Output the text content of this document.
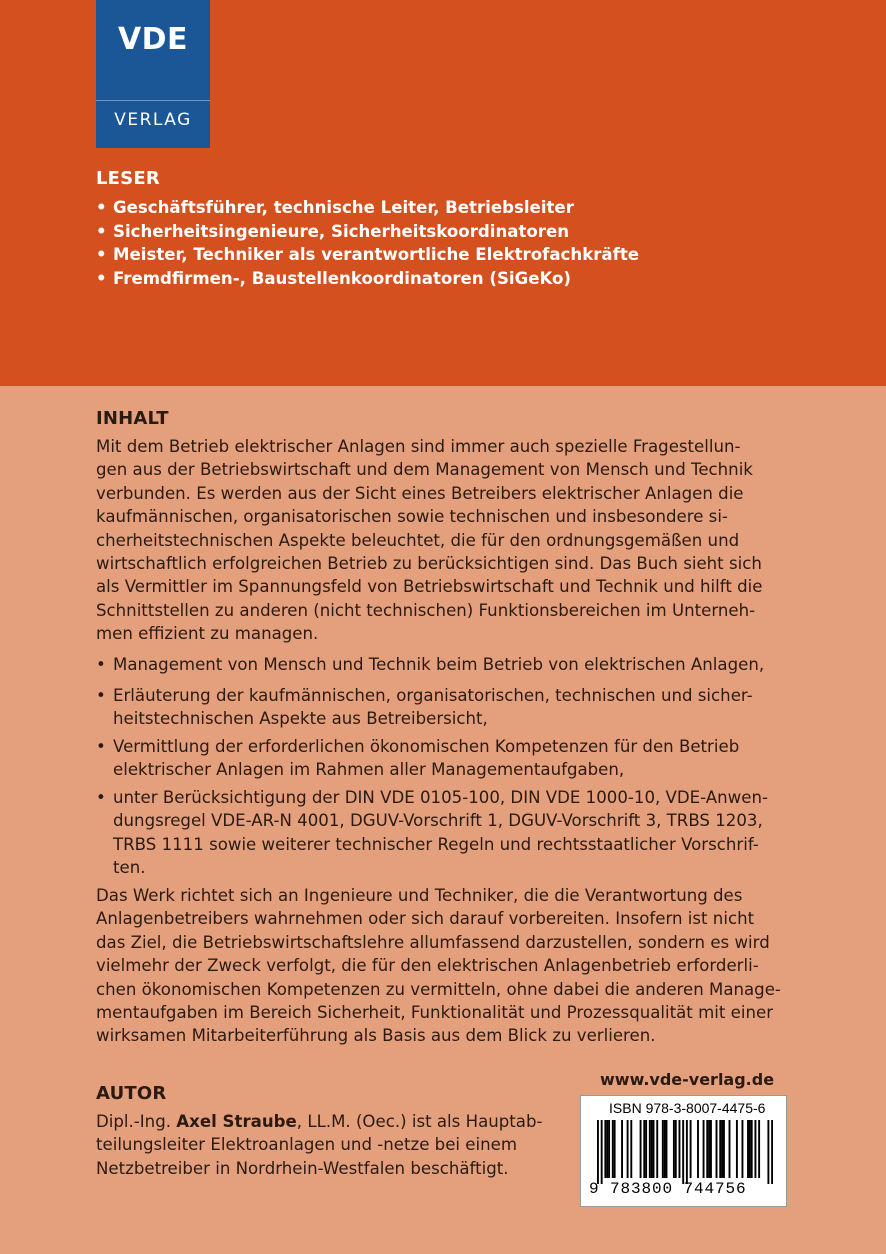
VDE
VERLAG
LESER
• Geschäftsführer, technische Leiter, Betriebsleiter
• Sicherheitsingenieure, Sicherheitskoordinatoren
• Meister, Techniker als verantwortliche Elektrofachkräfte
• Fremdfirmen-, Baustellenkoordinatoren (SiGeKo)
INHALT

Mit dem Betrieb elektrischer Anlagen sind immer auch spezielle Fragestellun-
gen aus der Betriebswirtschaft und dem Management von Mensch und Technik
verbunden. Es werden aus der Sicht eines Betreibers elektrischer Anlagen die
kaufmännischen, organisatorischen sowie technischen und insbesondere si-
cherheitstechnischen Aspekte beleuchtet, die für den ordnungsgemäßen und
wirtschaftlich erfolgreichen Betrieb zu berücksichtigen sind. Das Buch sieht sich
als Vermittler im Spannungsfeld von Betriebswirtschaft und Technik und hilft die
Schnittstellen zu anderen (nicht technischen) Funktionsbereichen im Unterneh-
men effizient zu managen.

• Management von Mensch und Technik beim Betrieb von elektrischen Anlagen,
• Erläuterung der kaufmännischen, organisatorischen, technischen und sicher-
heitstechnischen Aspekte aus Betreibersicht,
• Vermittlung der erforderlichen ökonomischen Kompetenzen für den Betrieb
elektrischer Anlagen im Rahmen aller Managementaufgaben,
• unter Berücksichtigung der DIN VDE 0105-100, DIN VDE 1000-10, VDE-Anwen-
dungsregel VDE-AR-N 4001, DGUV-Vorschrift 1, DGUV-Vorschrift 3, TRBS 1203,
TRBS 1111 sowie weiterer technischer Regeln und rechtsstaatlicher Vorschrif-
ten.

Das Werk richtet sich an Ingenieure und Techniker, die die Verantwortung des
Anlagenbetreibers wahrnehmen oder sich darauf vorbereiten. Insofern ist nicht
das Ziel, die Betriebswirtschaftslehre allumfassend darzustellen, sondern es wird
vielmehr der Zweck verfolgt, die für den elektrischen Anlagenbetrieb erforderli-
chen ökonomischen Kompetenzen zu vermitteln, ohne dabei die anderen Manage-
mentaufgaben im Bereich Sicherheit, Funktionalität und Prozessqualität mit einer
wirksamen Mitarbeiterführung als Basis aus dem Blick zu verlieren.

AUTOR

Dipl.-Ing. Axel Straube, LL.M. (Oec.) ist als Hauptab-
teilungsleiter Elektroanlagen und -netze bei einem
Netzbetreiber in Nordrhein-Westfalen beschäftigt.

www.vde-verlag.de
ISBN 978-3-8007-4475-6
9 783800 744756
